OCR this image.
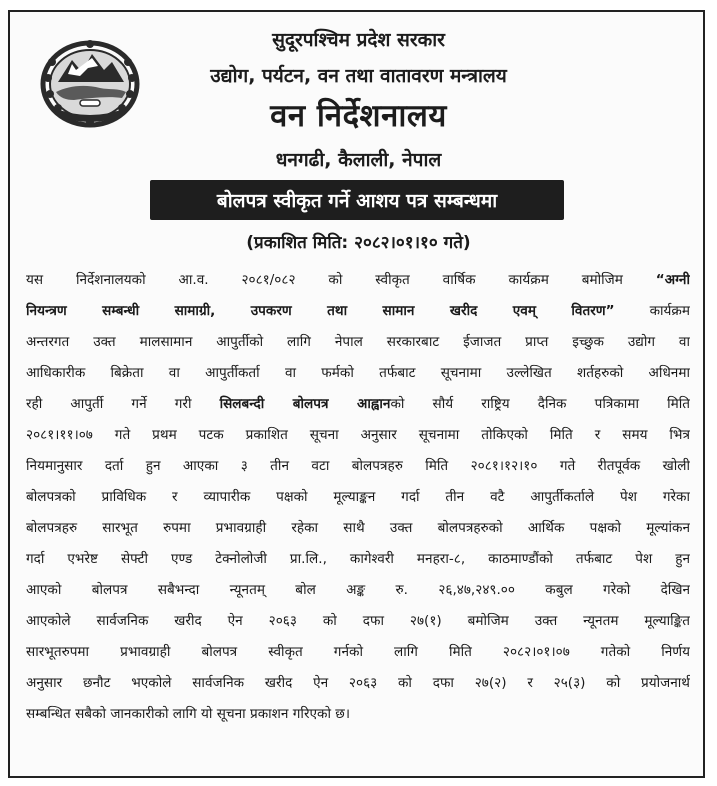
सुदूरपश्चिम प्रदेश सरकार
उद्योग, पर्यटन, वन तथा वातावरण मन्त्रालय
वन निर्देशनालय
धनगढी, कैलाली, नेपाल
बोलपत्र स्वीकृत गर्ने आशय पत्र सम्बन्धमा
(प्रकाशित मिति: २०८२।०१।१० गते)
यस निर्देशनालयको आ.व. २०८१/०८२ को स्वीकृत वार्षिक कार्यक्रम बमोजिम “अग्नी
नियन्त्रण सम्बन्धी सामाग्री, उपकरण तथा सामान खरीद एवम् वितरण”	कार्यक्रम
अन्तरगत उक्त मालसामान आपुर्तीको लागि नेपाल सरकारबाट ईजाजत प्राप्त इच्छुक उद्योग वा
आधिकारीक बिक्रेता वा आपुर्तीकर्ता वा फर्मको तर्फबाट सूचनामा उल्लेखित शर्तहरुको अधिनमा
रही आपुर्ती गर्ने गरी सिलबन्दी बोलपत्र आह्वानको सौर्य राष्ट्रिय दैनिक पत्रिकामा मिति
२०८१।११।०७ गते प्रथम पटक प्रकाशित सूचना अनुसार सूचनामा तोकिएको मिति र समय भित्र
नियमानुसार दर्ता हुन आएका ३ तीन वटा बोलपत्रहरु मिति २०८१।१२।१० गते रीतपूर्वक खोली
बोलपत्रको प्राविधिक र व्यापारीक पक्षको मूल्याङ्कन गर्दा तीन वटै आपुर्तीकर्ताले पेश गरेका
बोलपत्रहरु सारभूत रुपमा प्रभावग्राही रहेका साथै उक्त बोलपत्रहरुको आर्थिक पक्षको मूल्यांकन
गर्दा एभरेष्ट सेफ्टी एण्ड टेक्नोलोजी प्रा.लि., कागेश्वरी मनहरा-८, काठमाण्डौंको तर्फबाट पेश हुन
आएको बोलपत्र सबैभन्दा न्यूनतम् बोल अङ्क रु. २६,४७,२४९.०० कबुल गरेको देखिन
आएकोले सार्वजनिक खरीद ऐन २०६३ को दफा २७(१) बमोजिम उक्त न्यूनतम मूल्याङ्कित
सारभूतरुपमा प्रभावग्राही बोलपत्र स्वीकृत गर्नको लागि मिति २०८२।०१।०७ गतेको निर्णय
अनुसार छनौट भएकोले सार्वजनिक खरीद ऐन २०६३ को दफा २७(२) र २५(३) को प्रयोजनार्थ
सम्बन्धित सबैको जानकारीको लागि यो सूचना प्रकाशन गरिएको छ।
